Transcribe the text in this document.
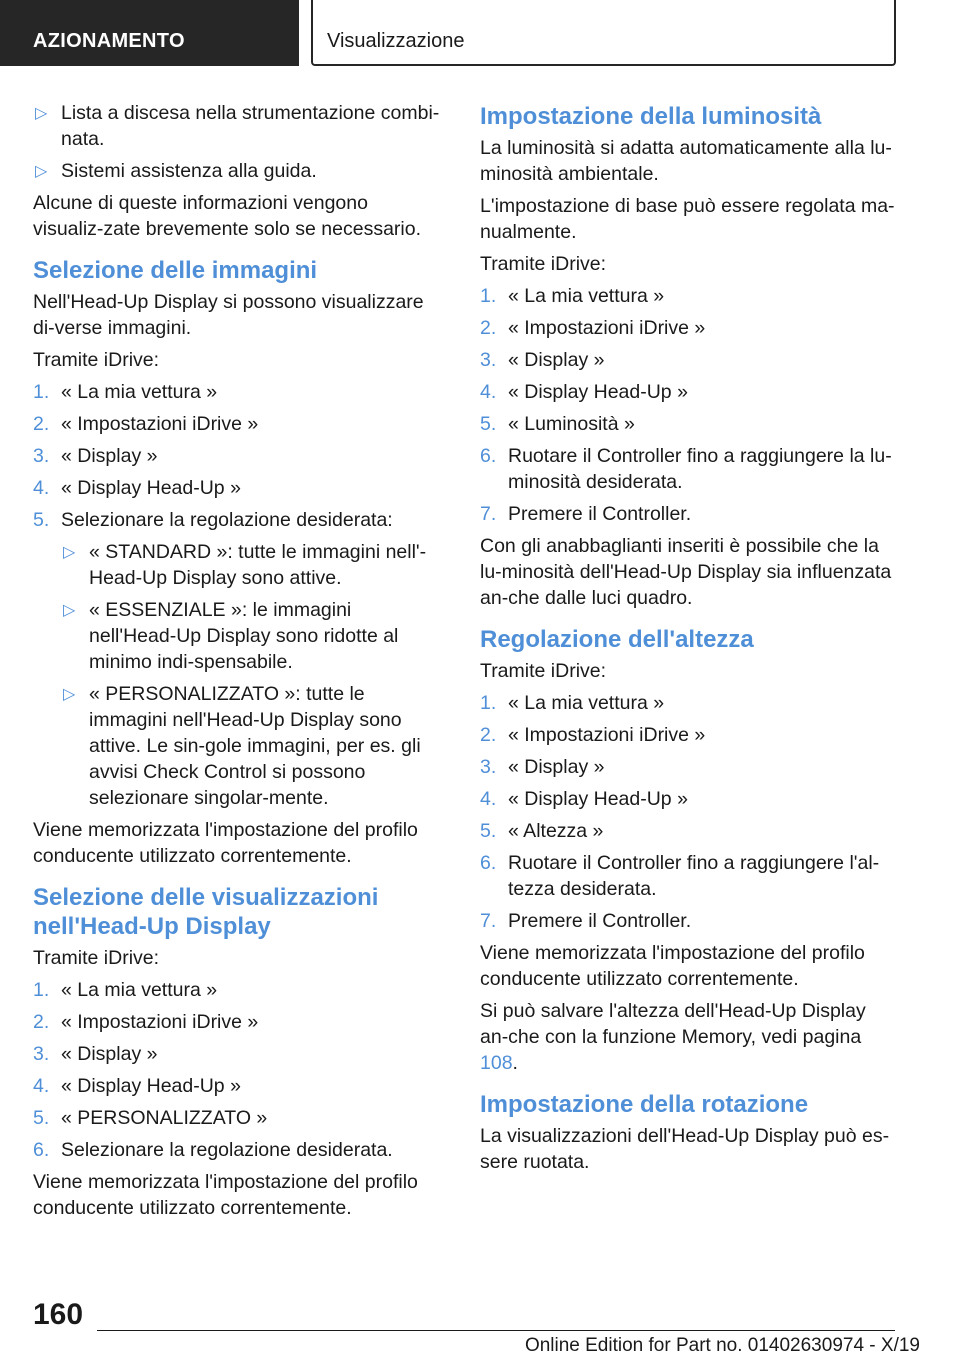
AZIONAMENTO	Visualizzazione
▷ Lista a discesa nella strumentazione combi-nata.
▷ Sistemi assistenza alla guida.

Alcune di queste informazioni vengono visualiz-zate brevemente solo se necessario.

Selezione delle immagini

Nell'Head-Up Display si possono visualizzare di-verse immagini.

Tramite iDrive:

1. « La mia vettura »
2. « Impostazioni iDrive »
3. « Display »
4. « Display Head-Up »
5. Selezionare la regolazione desiderata:
▷ « STANDARD »: tutte le immagini nell'-Head-Up Display sono attive.
▷ « ESSENZIALE »: le immagini nell'Head-Up Display sono ridotte al minimo indi-spensabile.
▷ « PERSONALIZZATO »: tutte le immagini nell'Head-Up Display sono attive. Le sin-gole immagini, per es. gli avvisi Check Control si possono selezionare singolar-mente.

Viene memorizzata l'impostazione del profilo conducente utilizzato correntemente.

Selezione delle visualizzazioni nell'Head-Up Display

Tramite iDrive:

1. « La mia vettura »
2. « Impostazioni iDrive »
3. « Display »
4. « Display Head-Up »
5. « PERSONALIZZATO »
6. Selezionare la regolazione desiderata.

Viene memorizzata l'impostazione del profilo conducente utilizzato correntemente.

Impostazione della luminosità

La luminosità si adatta automaticamente alla lu-minosità ambientale.

L'impostazione di base può essere regolata ma-nualmente.

Tramite iDrive:

1. « La mia vettura »
2. « Impostazioni iDrive »
3. « Display »
4. « Display Head-Up »
5. « Luminosità »
6. Ruotare il Controller fino a raggiungere la lu-minosità desiderata.
7. Premere il Controller.

Con gli anabbaglianti inseriti è possibile che la lu-minosità dell'Head-Up Display sia influenzata an-che dalle luci quadro.

Regolazione dell'altezza

Tramite iDrive:

1. « La mia vettura »
2. « Impostazioni iDrive »
3. « Display »
4. « Display Head-Up »
5. « Altezza »
6. Ruotare il Controller fino a raggiungere l'al-tezza desiderata.
7. Premere il Controller.

Viene memorizzata l'impostazione del profilo conducente utilizzato correntemente.

Si può salvare l'altezza dell'Head-Up Display an-che con la funzione Memory, vedi pagina 108.

Impostazione della rotazione

La visualizzazioni dell'Head-Up Display può es-sere ruotata.

160
Online Edition for Part no. 01402630974 - X/19
